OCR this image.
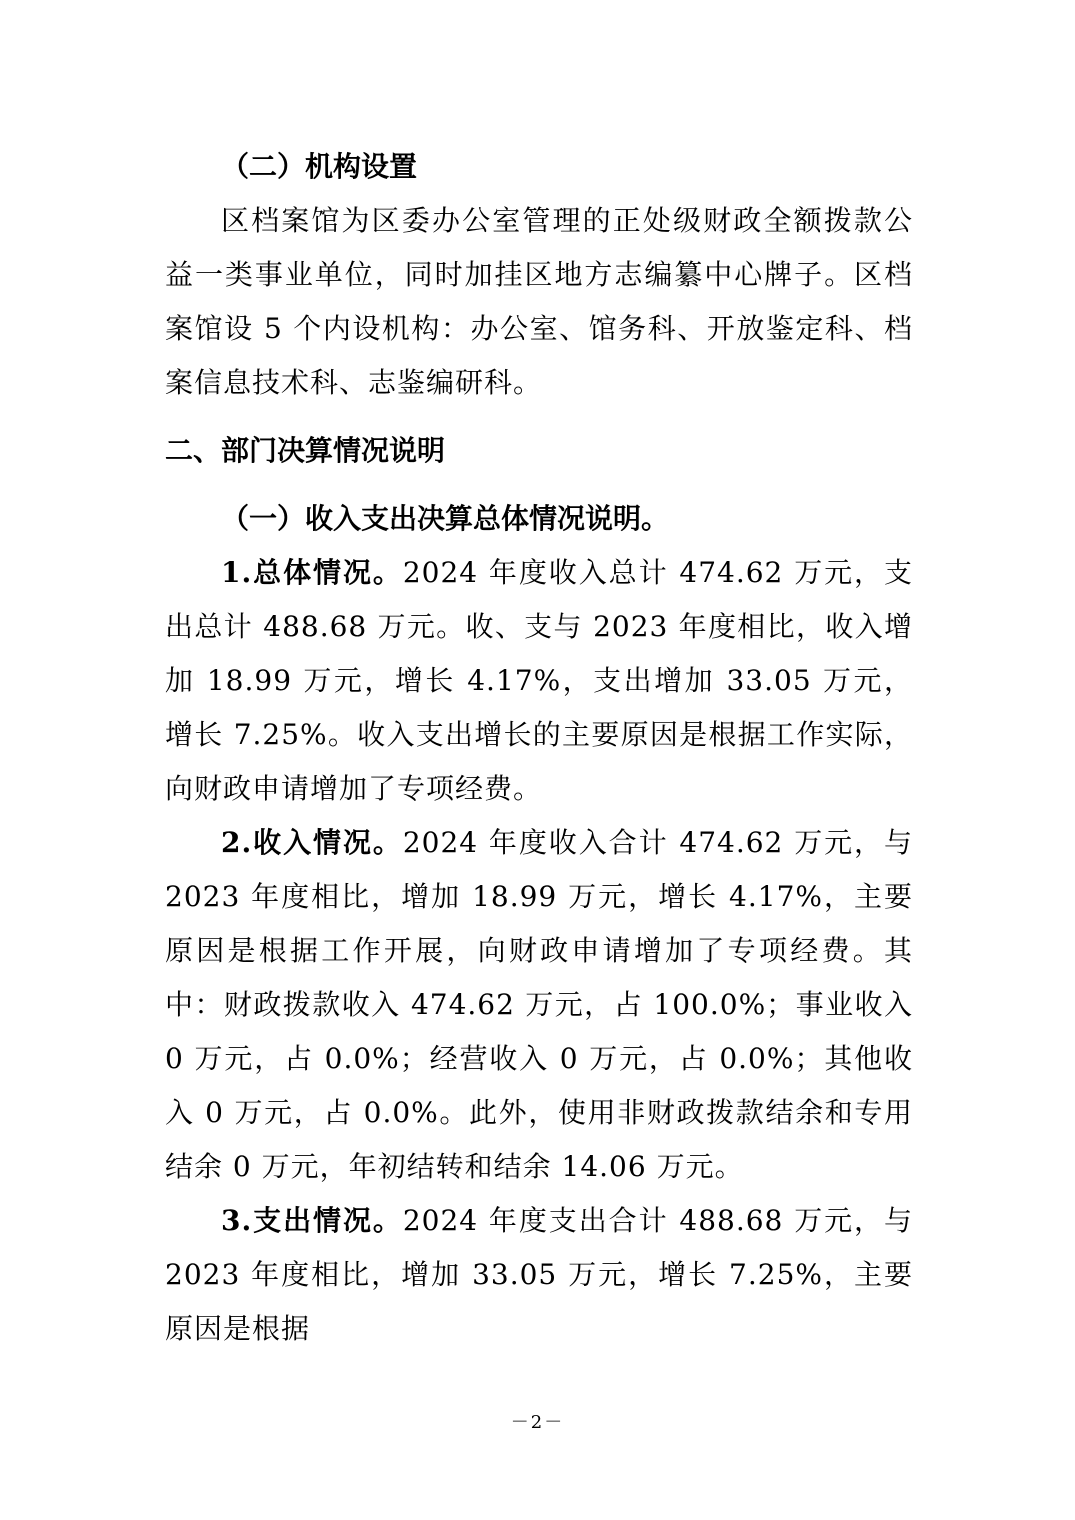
（二）机构设置

区档案馆为区委办公室管理的正处级财政全额拨款公益一类事业单位，同时加挂区地方志编纂中心牌子。区档案馆设 5 个内设机构：办公室、馆务科、开放鉴定科、档案信息技术科、志鉴编研科。

二、部门决算情况说明

（一）收入支出决算总体情况说明。

1.总体情况。2024 年度收入总计 474.62 万元，支出总计 488.68 万元。收、支与 2023 年度相比，收入增加 18.99 万元，增长 4.17%，支出增加 33.05 万元，增长 7.25%。收入支出增长的主要原因是根据工作实际，向财政申请增加了专项经费。

2.收入情况。2024 年度收入合计 474.62 万元，与 2023 年度相比，增加 18.99 万元，增长 4.17%，主要原因是根据工作开展，向财政申请增加了专项经费。其中：财政拨款收入 474.62 万元，占 100.0%；事业收入 0 万元，占 0.0%；经营收入 0 万元，占 0.0%；其他收入 0 万元，占 0.0%。此外，使用非财政拨款结余和专用结余 0 万元，年初结转和结余 14.06 万元。

3.支出情况。2024 年度支出合计 488.68 万元，与 2023 年度相比，增加 33.05 万元，增长 7.25%，主要原因是根据

－2－
